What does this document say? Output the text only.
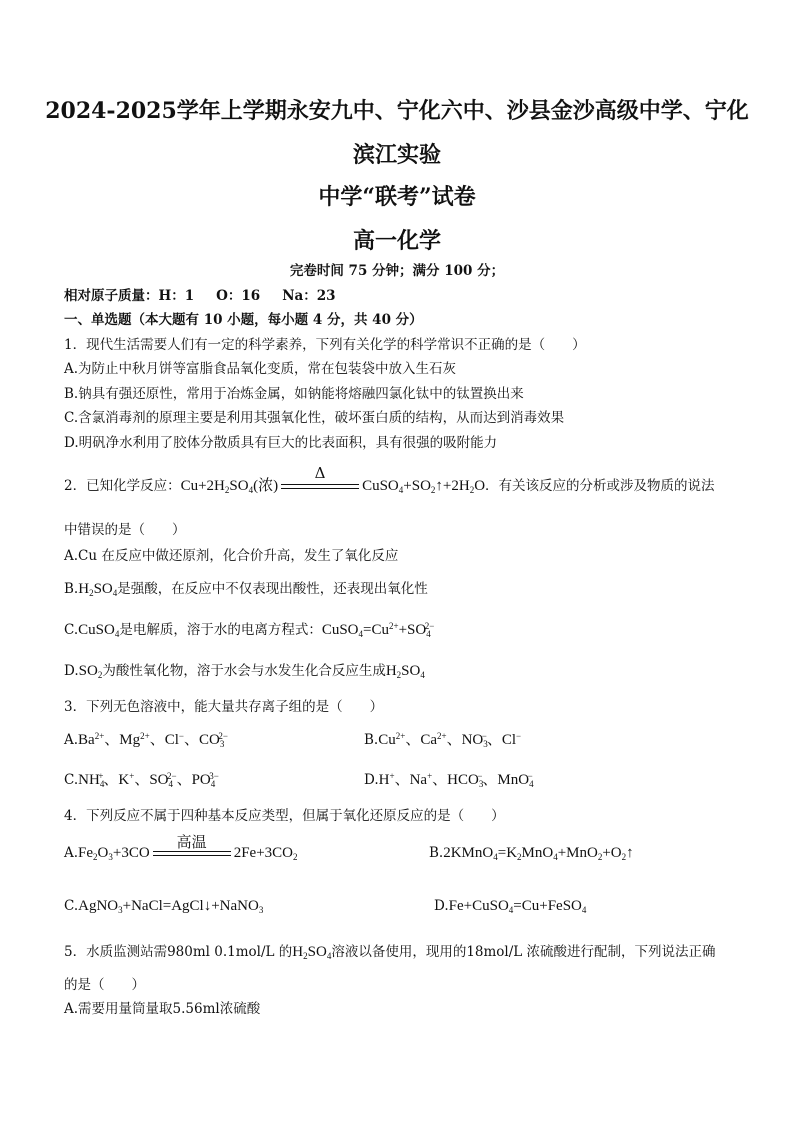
2024-2025学年上学期永安九中、宁化六中、沙县金沙高级中学、宁化
滨江实验
中学“联考”试卷
高一化学
完卷时间 75 分钟；满分 100 分；
相对原子质量：H：1 O：16 Na：23
一、单选题（本大题有 10 小题，每小题 4 分，共 40 分）
1．现代生活需要人们有一定的科学素养，下列有关化学的科学常识不正确的是（　　）
A.为防止中秋月饼等富脂食品氧化变质，常在包装袋中放入生石灰
B.钠具有强还原性，常用于冶炼金属，如钠能将熔融四氯化钛中的钛置换出来
C.含氯消毒剂的原理主要是利用其强氧化性，破坏蛋白质的结构，从而达到消毒效果
D.明矾净水利用了胶体分散质具有巨大的比表面积，具有很强的吸附能力
2．已知化学反应：$Cu+2H_2SO_4$(浓)
Δ
$CuSO_4+SO_2↑+2H_2O$．有关该反应的分析或涉及物质的说法
中错误的是（　　）
A.Cu 在反应中做还原剂，化合价升高，发生了氧化反应
$B.H_2SO_4$是强酸，在反应中不仅表现出酸性，还表现出氧化性
C.CuSO$_4$是电解质，溶于水的电离方程式：$CuSO_4=Cu^{2+}+SO_4^{2-}$
$D.SO_2$为酸性氧化物，溶于水会与水发生化合反应生成$H_2SO_4$
3．下列无色溶液中，能大量共存离子组的是（　　）
$A.Ba^{2+}$、$Mg^{2+}$、Cl−、$CO_3^{2-}$	$B.Cu^{2+}$、$Ca^{2+}$、$NO_3^-$、Cl−
$C.NH_4^+$、K+、$SO_4^{2-}$、$PO_4^{3-}$	D.H+、Na+、$HCO_3^-$、MnO$_4$−
4．下列反应不属于四种基本反应类型，但属于氧化还原反应的是（　　）
$A.Fe_2O_3+3CO$
高温
$2Fe+3CO_2$	$B.2KMnO_4=K_2MnO_4+MnO_2+O_2↑$
C.AgNO$_3$+NaCl=AgCl↓+NaNO$_3$	D.Fe+CuSO$_4$=Cu+FeSO$_4$
5．水质监测站需980ml 0.1mol/L 的$H_2SO_4$溶液以备使用，现用的18mol/L 浓硫酸进行配制，下列说法正确
的是（　　）
A.需要用量筒量取5.56ml浓硫酸
